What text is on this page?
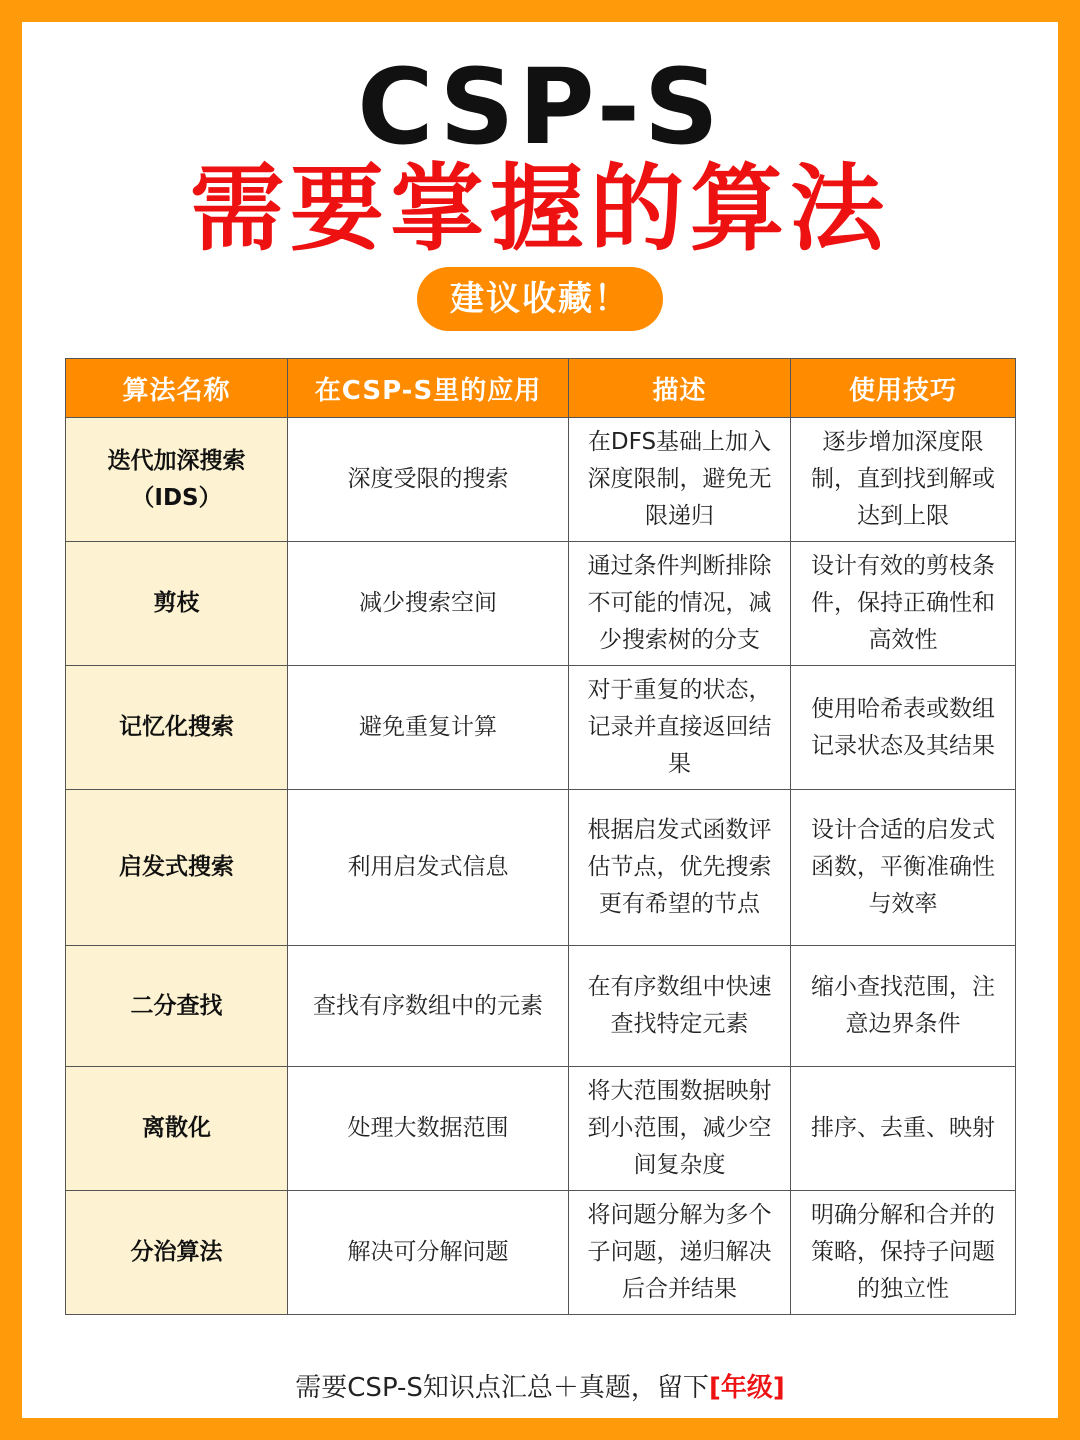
CSP-S
需要掌握的算法
建议收藏！
算法名称	在CSP-S里的应用	描述	使用技巧
迭代加深搜索（IDS）	深度受限的搜索	在DFS基础上加入深度限制，避免无限递归	逐步增加深度限制，直到找到解或达到上限
剪枝	减少搜索空间	通过条件判断排除不可能的情况，减少搜索树的分支	设计有效的剪枝条件，保持正确性和高效性
记忆化搜索	避免重复计算	对于重复的状态，记录并直接返回结果	使用哈希表或数组记录状态及其结果
启发式搜索	利用启发式信息	根据启发式函数评估节点，优先搜索更有希望的节点	设计合适的启发式函数，平衡准确性与效率
二分查找	查找有序数组中的元素	在有序数组中快速查找特定元素	缩小查找范围，注意边界条件
离散化	处理大数据范围	将大范围数据映射到小范围，减少空间复杂度	排序、去重、映射
分治算法	解决可分解问题	将问题分解为多个子问题，递归解决后合并结果	明确分解和合并的策略，保持子问题的独立性
需要CSP-S知识点汇总＋真题，留下[年级]
